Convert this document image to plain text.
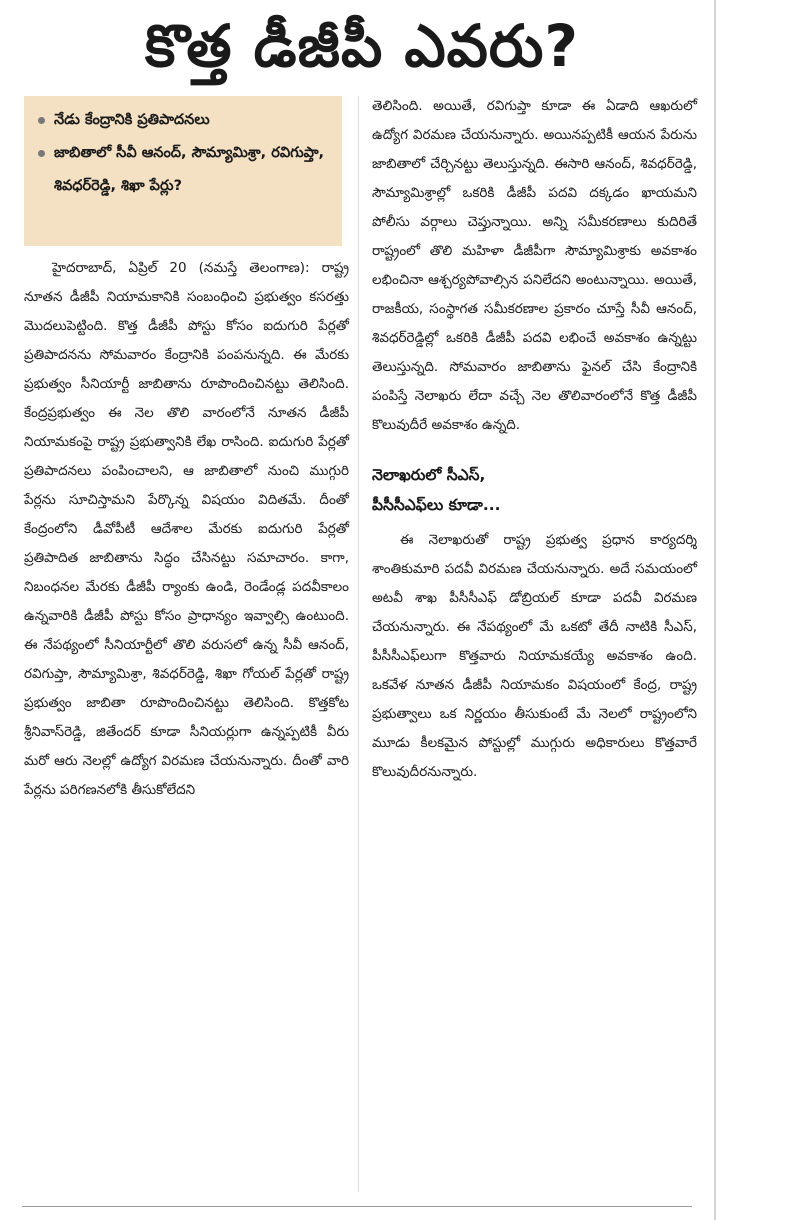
కొత్త డీజీపీ ఎవరు?
నేడు కేంద్రానికి ప్రతిపాదనలు
జాబితాలో సీవీ ఆనంద్, సౌమ్యామిశ్రా, రవిగుప్తా, శివధర్‌రెడ్డి, శిఖా పేర్లు?

హైదరాబాద్, ఏప్రిల్ 20 (నమస్తే తెలంగాణ): రాష్ట్ర నూతన డీజీపీ నియామకానికి సంబంధించి ప్రభుత్వం కసరత్తు మొదలుపెట్టింది. కొత్త డీజీపీ పోస్టు కోసం ఐదుగురి పేర్లతో ప్రతిపాదనను సోమవారం కేంద్రానికి పంపనున్నది. ఈ మేరకు ప్రభుత్వం సీనియార్టీ జాబితాను రూపొందించినట్టు తెలిసింది. కేంద్రప్రభుత్వం ఈ నెల తొలి వారంలోనే నూతన డీజీపీ నియామకంపై రాష్ట్ర ప్రభుత్వానికి లేఖ రాసింది. ఐదుగురి పేర్లతో ప్రతిపాదనలు పంపించాలని, ఆ జాబితాలో నుంచి ముగ్గురి పేర్లను సూచిస్తామని పేర్కొన్న విషయం విదితమే. దీంతో కేంద్రంలోని డీవోపీటీ ఆదేశాల మేరకు ఐదుగురి పేర్లతో ప్రతిపాదిత జాబితాను సిద్ధం చేసినట్టు సమాచారం. కాగా, నిబంధనల మేరకు డీజీపీ ర్యాంకు ఉండి, రెండేండ్ల పదవీకాలం ఉన్నవారికి డీజీపీ పోస్టు కోసం ప్రాధాన్యం ఇవ్వాల్సి ఉంటుంది. ఈ నేపథ్యంలో సీనియార్టీలో తొలి వరుసలో ఉన్న సీవీ ఆనంద్, రవిగుప్తా, సౌమ్యామిశ్రా, శివధర్‌రెడ్డి, శిఖా గోయల్ పేర్లతో రాష్ట్ర ప్రభుత్వం జాబితా రూపొందించినట్టు తెలిసింది. కొత్తకోట శ్రీనివాస్‌రెడ్డి, జితేందర్ కూడా సీనియర్లుగా ఉన్నప్పటికీ వీరు మరో ఆరు నెలల్లో ఉద్యోగ విరమణ చేయనున్నారు. దీంతో వారి పేర్లను పరిగణనలోకి తీసుకోలేదని

తెలిసింది. అయితే, రవిగుప్తా కూడా ఈ ఏడాది ఆఖరులో ఉద్యోగ విరమణ చేయనున్నారు. అయినప్పటికీ ఆయన పేరును జాబితాలో చేర్చినట్టు తెలుస్తున్నది. ఈసారి ఆనంద్, శివధర్‌రెడ్డి, సౌమ్యామిశ్రాల్లో ఒకరికి డీజీపీ పదవి దక్కడం ఖాయమని పోలీసు వర్గాలు చెప్తున్నాయి. అన్ని సమీకరణాలు కుదిరితే రాష్ట్రంలో తొలి మహిళా డీజీపీగా సౌమ్యామిశ్రాకు అవకాశం లభించినా ఆశ్చర్యపోవాల్సిన పనిలేదని అంటున్నాయి. అయితే, రాజకీయ, సంస్థాగత సమీకరణాల ప్రకారం చూస్తే సీవీ ఆనంద్, శివధర్‌రెడ్డిల్లో ఒకరికి డీజీపీ పదవి లభించే అవకాశం ఉన్నట్టు తెలుస్తున్నది. సోమవారం జాబితాను ఫైనల్ చేసి కేంద్రానికి పంపిస్తే నెలాఖరు లేదా వచ్చే నెల తొలివారంలోనే కొత్త డీజీపీ కొలువుదీరే అవకాశం ఉన్నది.

నెలాఖరులో సీఎస్,
పీసీసీఎఫ్‌లు కూడా...

ఈ నెలాఖరుతో రాష్ట్ర ప్రభుత్వ ప్రధాన కార్యదర్శి శాంతికుమారి పదవీ విరమణ చేయనున్నారు. అదే సమయంలో అటవీ శాఖ పీసీసీఎఫ్ డోబ్రియల్ కూడా పదవీ విరమణ చేయనున్నారు. ఈ నేపథ్యంలో మే ఒకటో తేదీ నాటికి సీఎస్, పీసీసీఎఫ్‌లుగా కొత్తవారు నియామకయ్యే అవకాశం ఉంది. ఒకవేళ నూతన డీజీపీ నియామకం విషయంలో కేంద్ర, రాష్ట్ర ప్రభుత్వాలు ఒక నిర్ణయం తీసుకుంటే మే నెలలో రాష్ట్రంలోని మూడు కీలకమైన పోస్టుల్లో ముగ్గురు అధికారులు కొత్తవారే కొలువుదీరనున్నారు.
